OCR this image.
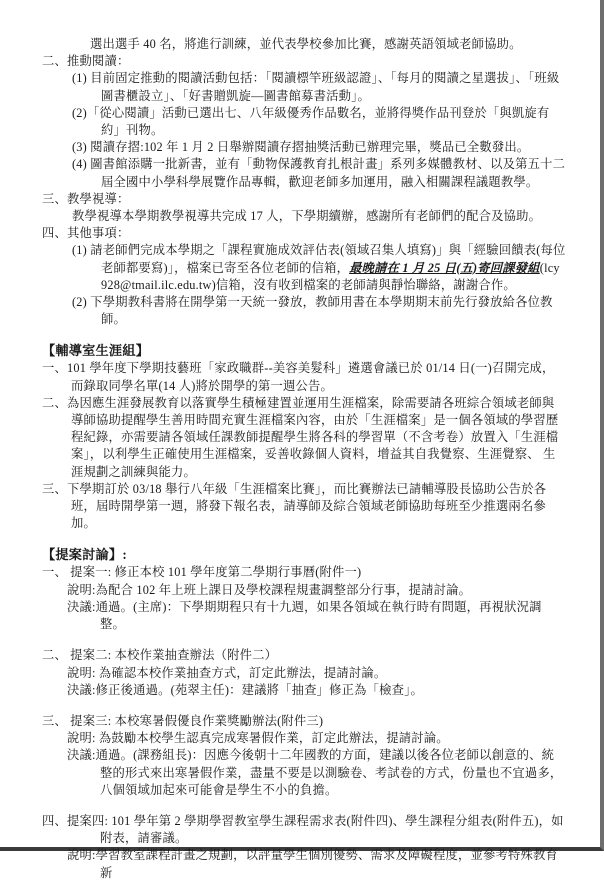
選出選手 40 名，將進行訓練，並代表學校參加比賽，感謝英語領域老師協助。
二、推動閱讀：
(1) 目前固定推動的閱讀活動包括：「閱讀標竿班級認證」、「每月的閱讀之星選拔」、「班級圖書櫃設立」、「好書贈凱旋—圖書館募書活動」。
(2)「從心閱讀」活動已選出七、八年級優秀作品數名，並將得獎作品刊登於「與凱旋有約」刊物。
(3) 閱讀存摺:102 年 1 月 2 日舉辦閱讀存摺抽獎活動已辦理完畢，獎品已全數發出。
(4) 圖書館添購一批新書，並有「動物保護教育扎根計畫」系列多媒體教材、以及第五十二屆全國中小學科學展覽作品專輯，歡迎老師多加運用，融入相關課程議題教學。
三、教學視導：
教學視導本學期教學視導共完成 17 人，下學期續辦，感謝所有老師們的配合及協助。
四、其他事項：
(1) 請老師們完成本學期之「課程實施成效評估表(領域召集人填寫)」與「經驗回饋表(每位老師都要寫)」，檔案已寄至各位老師的信箱，最晚請在 1 月 25 日(五)寄回課發組(lcy928@tmail.ilc.edu.tw)信箱，沒有收到檔案的老師請與靜怡聯絡，謝謝合作。
(2) 下學期教科書將在開學第一天統一發放，教師用書在本學期期末前先行發放給各位教師。
【輔導室生涯組】
一、101 學年度下學期技藝班「家政職群--美容美髮科」遴選會議已於 01/14 日(一)召開完成，而錄取同學名單(14 人)將於開學的第一週公告。
二、為因應生涯發展教育以落實學生積極建置並運用生涯檔案，除需要請各班綜合領域老師與導師協助提醒學生善用時間充實生涯檔案內容，由於「生涯檔案」是一個各領域的學習歷程紀錄，亦需要請各領域任課教師提醒學生將各科的學習單（不含考卷）放置入「生涯檔案」，以利學生正確使用生涯檔案，妥善收錄個人資料，增益其自我覺察、生涯覺察、 生涯規劃之訓練與能力。
三、下學期訂於 03/18 舉行八年級「生涯檔案比賽」，而比賽辦法已請輔導股長協助公告於各班，屆時開學第一週，將發下報名表，請導師及綜合領域老師協助每班至少推選兩名參加。
【提案討論】:
一、 提案一: 修正本校 101 學年度第二學期行事曆(附件一)
說明:為配合 102 年上班上課日及學校課程規畫調整部分行事，提請討論。
決議:通過。(主席)：下學期期程只有十九週，如果各領域在執行時有問題，再視狀況調整。
二、 提案二: 本校作業抽查辦法（附件二）
說明: 為確認本校作業抽查方式，訂定此辦法，提請討論。
決議:修正後通過。(苑翠主任)：建議將「抽查」修正為「檢查」。
三、 提案三: 本校寒暑假優良作業獎勵辦法(附件三)
說明: 為鼓勵本校學生認真完成寒暑假作業，訂定此辦法，提請討論。
決議:通過。(課務組長)：因應今後朝十二年國教的方面，建議以後各位老師以創意的、統整的形式來出寒暑假作業，盡量不要是以測驗卷、考試卷的方式，份量也不宜過多，八個領域加起來可能會是學生不小的負擔。
四、提案四: 101 學年第 2 學期學習教室學生課程需求表(附件四)、學生課程分組表(附件五)，如附表，請審議。
說明:學習教室課程計畫之規劃，以評量學生個別優勢、需求及障礙程度，並參考特殊教育新
